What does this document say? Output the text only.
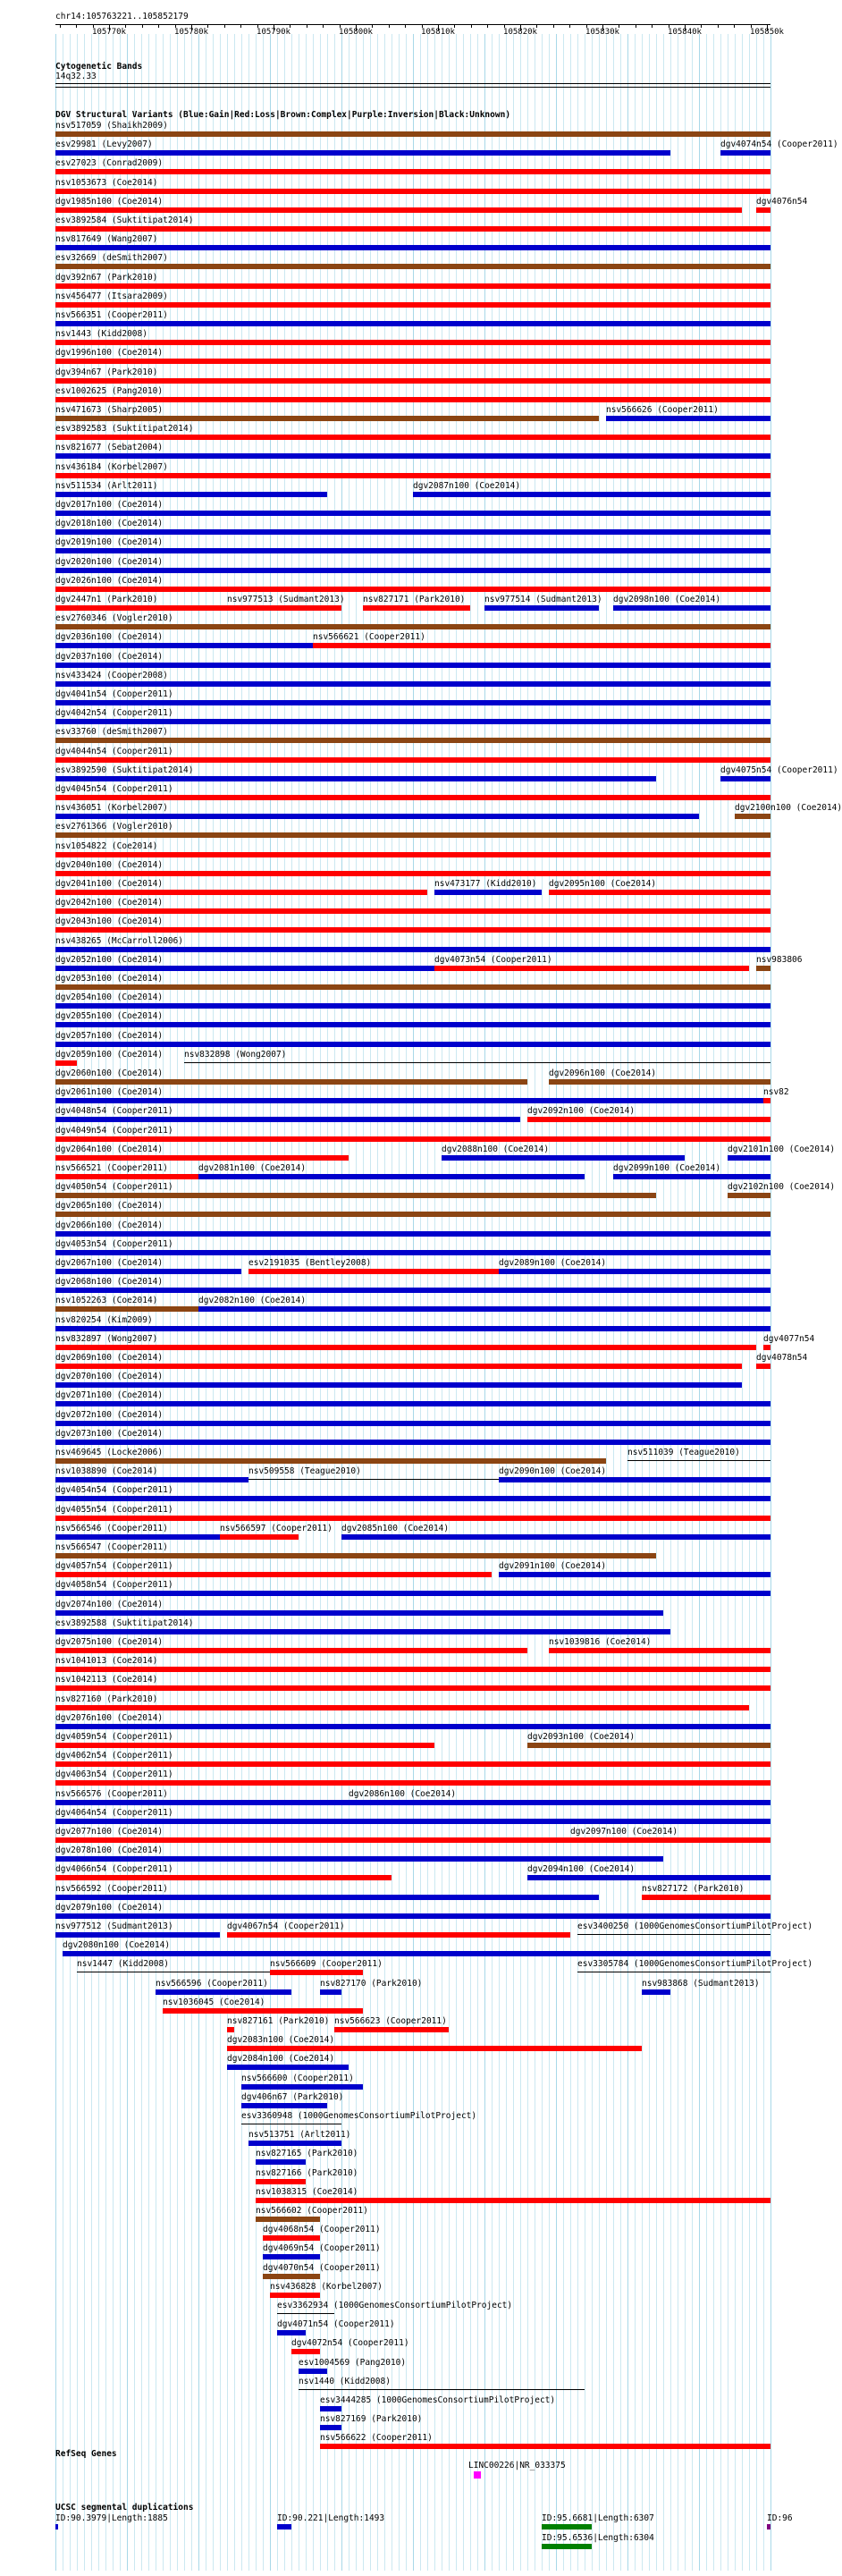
chr14:105763221..105852179
105770k	105780k	105790k	105800k	105810k	105820k	105830k	105840k	105850k
Cytogenetic Bands
14q32.33
DGV Structural Variants (Blue:Gain|Red:Loss|Brown:Complex|Purple:Inversion|Black:Unknown)
nsv517059 (Shaikh2009)
esv29981 (Levy2007)	dgv4074n54 (Cooper2011)
esv27023 (Conrad2009)
nsv1053673 (Coe2014)
dgv1985n100 (Coe2014)	dgv4076n54
esv3892584 (Suktitipat2014)
nsv817649 (Wang2007)
esv32669 (deSmith2007)
dgv392n67 (Park2010)
nsv456477 (Itsara2009)
nsv566351 (Cooper2011)
nsv1443 (Kidd2008)
dgv1996n100 (Coe2014)
dgv394n67 (Park2010)
esv1002625 (Pang2010)
nsv471673 (Sharp2005)	nsv566626 (Cooper2011)
esv3892583 (Suktitipat2014)
nsv821677 (Sebat2004)
nsv436184 (Korbel2007)
nsv511534 (Arlt2011)	dgv2087n100 (Coe2014)
dgv2017n100 (Coe2014)
dgv2018n100 (Coe2014)
dgv2019n100 (Coe2014)
dgv2020n100 (Coe2014)
dgv2026n100 (Coe2014)
dgv2447n1 (Park2010)	nsv977513 (Sudmant2013) nsv827171 (Park2010) nsv977514 (Sudmant2013) dgv2098n100 (Coe2014)
esv2760346 (Vogler2010)
dgv2036n100 (Coe2014)	nsv566621 (Cooper2011)
dgv2037n100 (Coe2014)
nsv433424 (Cooper2008)
dgv4041n54 (Cooper2011)
dgv4042n54 (Cooper2011)
esv33760 (deSmith2007)
dgv4044n54 (Cooper2011)
esv3892590 (Suktitipat2014)	dgv4075n54 (Cooper2011)
dgv4045n54 (Cooper2011)
nsv436051 (Korbel2007)	dgv2100n100 (Coe2014)
esv2761366 (Vogler2010)
nsv1054822 (Coe2014)
dgv2040n100 (Coe2014)
dgv2041n100 (Coe2014)	nsv473177 (Kidd2010) dgv2095n100 (Coe2014)
dgv2042n100 (Coe2014)
dgv2043n100 (Coe2014)
nsv438265 (McCarroll2006)
dgv2052n100 (Coe2014)	dgv4073n54 (Cooper2011)	nsv983806
dgv2053n100 (Coe2014)
dgv2054n100 (Coe2014)
dgv2055n100 (Coe2014)
dgv2057n100 (Coe2014)
dgv2059n100 (Coe2014)	nsv832898 (Wong2007)
dgv2060n100 (Coe2014)	dgv2096n100 (Coe2014)
dgv2061n100 (Coe2014)	nsv82
dgv4048n54 (Cooper2011)	dgv2092n100 (Coe2014)
dgv4049n54 (Cooper2011)
dgv2064n100 (Coe2014)	dgv2088n100 (Coe2014)	dgv2101n100 (Coe2014)
nsv566521 (Cooper2011)	dgv2081n100 (Coe2014)	dgv2099n100 (Coe2014)
dgv4050n54 (Cooper2011)	dgv2102n100 (Coe2014)
dgv2065n100 (Coe2014)
dgv2066n100 (Coe2014)
dgv4053n54 (Cooper2011)
dgv2067n100 (Coe2014)	esv2191035 (Bentley2008)	dgv2089n100 (Coe2014)
dgv2068n100 (Coe2014)
nsv1052263 (Coe2014)	dgv2082n100 (Coe2014)
nsv820254 (Kim2009)
nsv832897 (Wong2007)	dgv4077n54
dgv2069n100 (Coe2014)	dgv4078n54
dgv2070n100 (Coe2014)
dgv2071n100 (Coe2014)
dgv2072n100 (Coe2014)
dgv2073n100 (Coe2014)
nsv469645 (Locke2006)	nsv511039 (Teague2010)
nsv1038890 (Coe2014)	nsv509558 (Teague2010)	dgv2090n100 (Coe2014)
dgv4054n54 (Cooper2011)
dgv4055n54 (Cooper2011)
nsv566546 (Cooper2011)	nsv566597 (Cooper2011) dgv2085n100 (Coe2014)
nsv566547 (Cooper2011)
dgv4057n54 (Cooper2011)	dgv2091n100 (Coe2014)
dgv4058n54 (Cooper2011)
dgv2074n100 (Coe2014)
esv3892588 (Suktitipat2014)
dgv2075n100 (Coe2014)	nsv1039816 (Coe2014)
nsv1041013 (Coe2014)
nsv1042113 (Coe2014)
nsv827160 (Park2010)
dgv2076n100 (Coe2014)
dgv4059n54 (Cooper2011)	dgv2093n100 (Coe2014)
dgv4062n54 (Cooper2011)
dgv4063n54 (Cooper2011)
nsv566576 (Cooper2011)	dgv2086n100 (Coe2014)
dgv4064n54 (Cooper2011)
dgv2077n100 (Coe2014)	dgv2097n100 (Coe2014)
dgv2078n100 (Coe2014)
dgv4066n54 (Cooper2011)	dgv2094n100 (Coe2014)
nsv566592 (Cooper2011)	nsv827172 (Park2010)
dgv2079n100 (Coe2014)
nsv977512 (Sudmant2013)	dgv4067n54 (Cooper2011)	esv3400250 (1000GenomesConsortiumPilotProject)
dgv2080n100 (Coe2014)
nsv1447 (Kidd2008)	nsv566609 (Cooper2011)	esv3305784 (1000GenomesConsortiumPilotProject)
nsv566596 (Cooper2011)	nsv827170 (Park2010)	nsv983868 (Sudmant2013)
nsv1036045 (Coe2014)
nsv827161 (Park2010) nsv566623 (Cooper2011)
dgv2083n100 (Coe2014)
dgv2084n100 (Coe2014)
nsv566600 (Cooper2011)
dgv406n67 (Park2010)
esv3360948 (1000GenomesConsortiumPilotProject)
nsv513751 (Arlt2011)
nsv827165 (Park2010)
nsv827166 (Park2010)
nsv1038315 (Coe2014)
nsv566602 (Cooper2011)
dgv4068n54 (Cooper2011)
dgv4069n54 (Cooper2011)
dgv4070n54 (Cooper2011)
nsv436828 (Korbel2007)
esv3362934 (1000GenomesConsortiumPilotProject)
dgv4071n54 (Cooper2011)
dgv4072n54 (Cooper2011)
esv1004569 (Pang2010)
nsv1440 (Kidd2008)
esv3444285 (1000GenomesConsortiumPilotProject)
nsv827169 (Park2010)
nsv566622 (Cooper2011)
RefSeq Genes
LINC00226|NR_033375
UCSC segmental duplications
ID:90.3979|Length:1885	ID:90.221|Length:1493	ID:95.6681|Length:6307	ID:96
ID:95.6536|Length:6304
